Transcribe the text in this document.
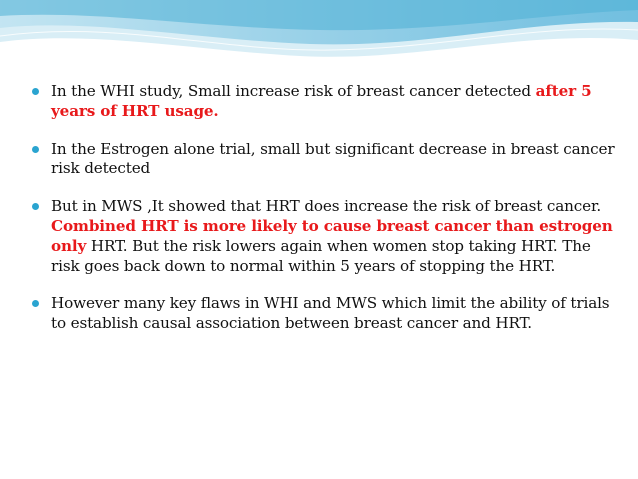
In the WHI study, Small increase risk of breast cancer detected after 5 years of HRT usage.
In the Estrogen alone trial, small but significant decrease in breast cancer risk detected
But in MWS ,It showed that HRT does increase the risk of breast cancer. Combined HRT is more likely to cause breast cancer than estrogen only HRT. But the risk lowers again when women stop taking HRT. The risk goes back down to normal within 5 years of stopping the HRT.
However many key flaws in WHI and MWS which limit the ability of trials to establish causal association between breast cancer and HRT.
